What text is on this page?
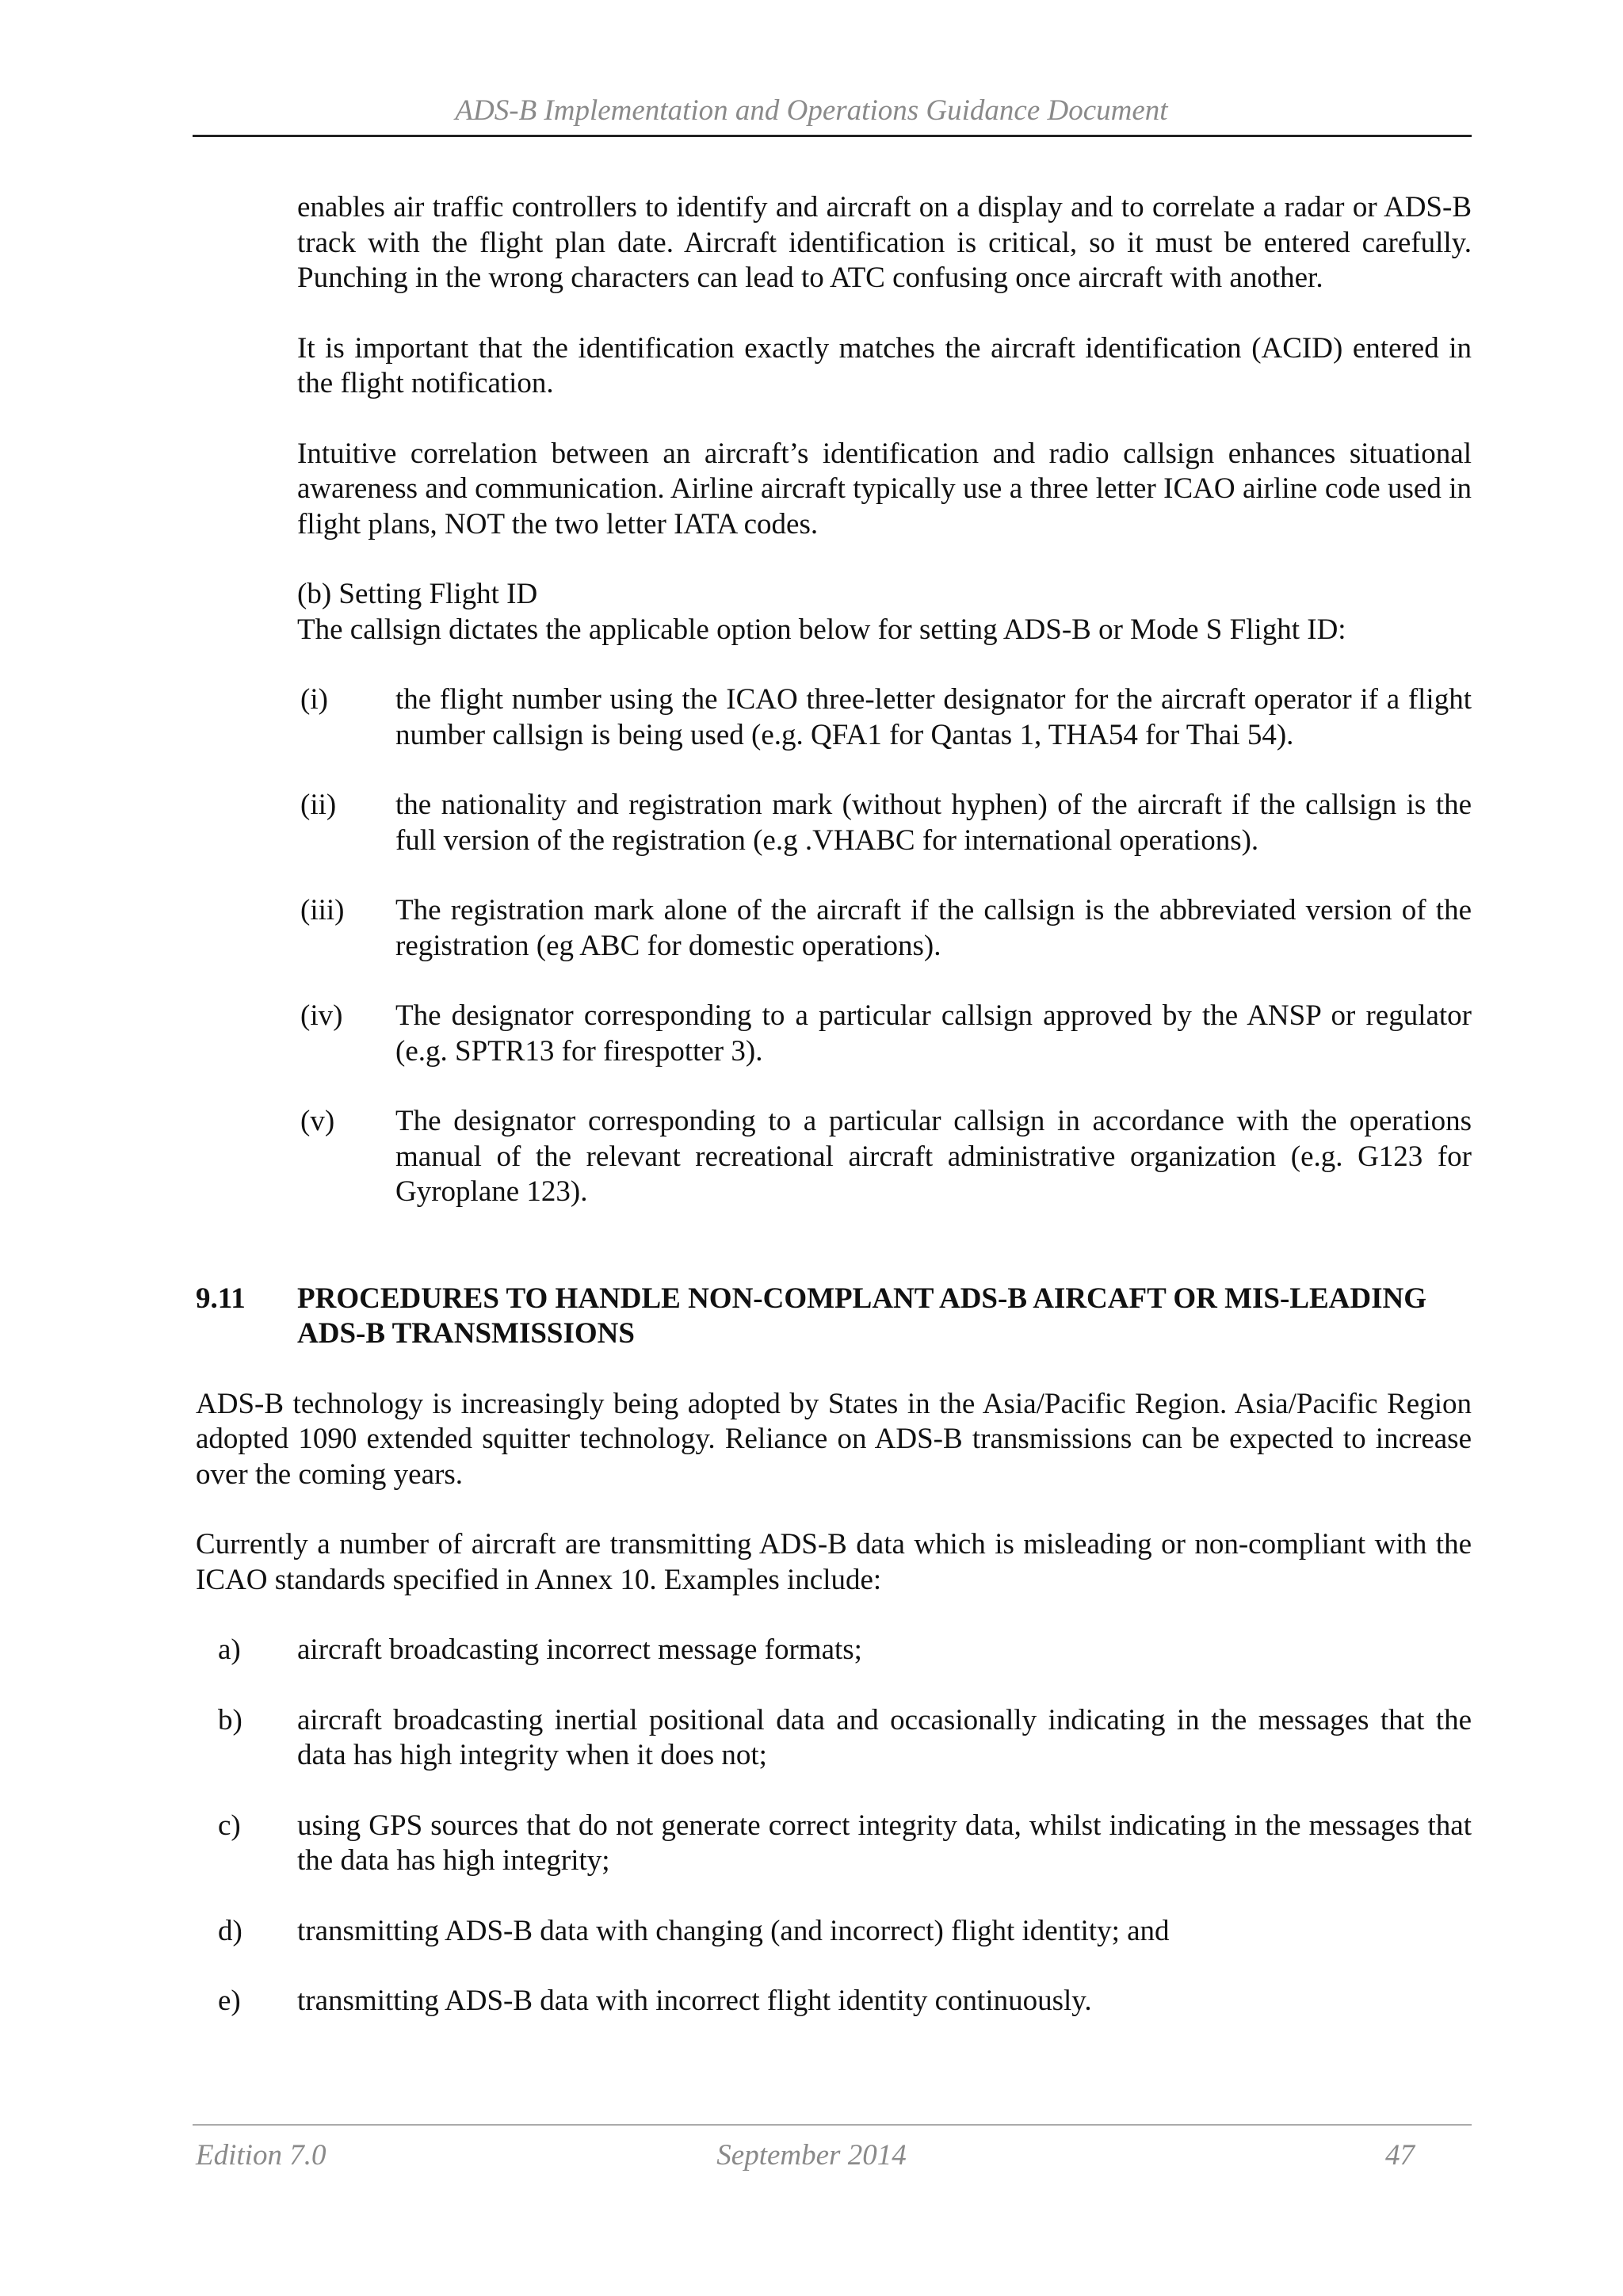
ADS-B Implementation and Operations Guidance Document

enables air traffic controllers to identify and aircraft on a display and to correlate a radar or ADS-B track with the flight plan date. Aircraft identification is critical, so it must be entered carefully. Punching in the wrong characters can lead to ATC confusing once aircraft with another.

It is important that the identification exactly matches the aircraft identification (ACID) entered in the flight notification.

Intuitive correlation between an aircraft’s identification and radio callsign enhances situational awareness and communication. Airline aircraft typically use a three letter ICAO airline code used in flight plans, NOT the two letter IATA codes.

(b) Setting Flight ID

The callsign dictates the applicable option below for setting ADS-B or Mode S Flight ID:

(i)	the flight number using the ICAO three-letter designator for the aircraft operator if a flight number callsign is being used (e.g. QFA1 for Qantas 1, THA54 for Thai 54).
(ii)	the nationality and registration mark (without hyphen) of the aircraft if the callsign is the full version of the registration (e.g .VHABC for international operations).
(iii)	The registration mark alone of the aircraft if the callsign is the abbreviated version of the registration (eg ABC for domestic operations).
(iv)	The designator corresponding to a particular callsign approved by the ANSP or regulator (e.g. SPTR13 for firespotter 3).
(v)	The designator corresponding to a particular callsign in accordance with the operations manual of the relevant recreational aircraft administrative organization (e.g. G123 for Gyroplane 123).
9.11 PROCEDURES TO HANDLE NON-COMPLANT ADS-B AIRCAFT OR MIS-LEADING ADS-B TRANSMISSIONS

ADS-B technology is increasingly being adopted by States in the Asia/Pacific Region. Asia/Pacific Region adopted 1090 extended squitter technology. Reliance on ADS-B transmissions can be expected to increase over the coming years.

Currently a number of aircraft are transmitting ADS-B data which is misleading or non-compliant with the ICAO standards specified in Annex 10. Examples include:

a)	aircraft broadcasting incorrect message formats;
b)	aircraft broadcasting inertial positional data and occasionally indicating in the messages that the data has high integrity when it does not;
c)	using GPS sources that do not generate correct integrity data, whilst indicating in the messages that the data has high integrity;
d)	transmitting ADS-B data with changing (and incorrect) flight identity; and
e)	transmitting ADS-B data with incorrect flight identity continuously.
Edition 7.0	September 2014	47
